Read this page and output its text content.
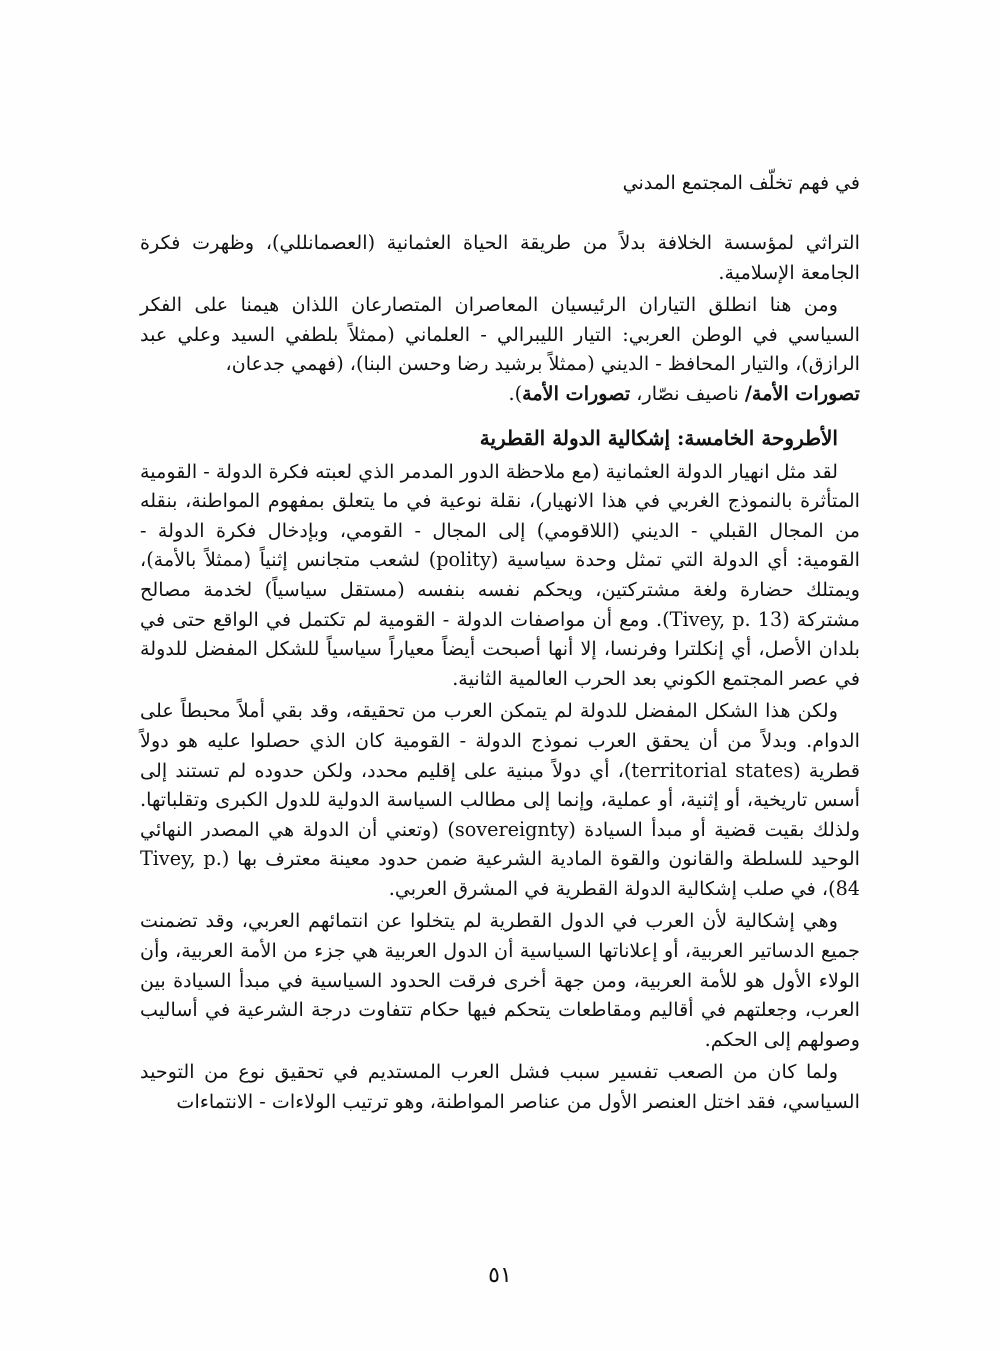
في فهم تخلّف المجتمع المدني

التراثي لمؤسسة الخلافة بدلاً من طريقة الحياة العثمانية (العصمانللي)، وظهرت فكرة الجامعة الإسلامية.

ومن هنا انطلق التياران الرئيسيان المعاصران المتصارعان اللذان هيمنا على الفكر السياسي في الوطن العربي: التيار الليبرالي - العلماني (ممثلاً بلطفي السيد وعلي عبد الرازق)، والتيار المحافظ - الديني (ممثلاً برشيد رضا وحسن البنا)، (فهمي جدعان،
تصورات الأمة/ ناصيف نصّار، تصورات الأمة).

الأطروحة الخامسة: إشكالية الدولة القطرية

لقد مثل انهيار الدولة العثمانية (مع ملاحظة الدور المدمر الذي لعبته فكرة الدولة - القومية المتأثرة بالنموذج الغربي في هذا الانهيار)، نقلة نوعية في ما يتعلق بمفهوم المواطنة، بنقله من المجال القبلي - الديني (اللاقومي) إلى المجال - القومي، وبإدخال فكرة الدولة - القومية: أي الدولة التي تمثل وحدة سياسية (polity) لشعب متجانس إثنياً (ممثلاً بالأمة)، ويمتلك حضارة ولغة مشتركتين، ويحكم نفسه بنفسه (مستقل سياسياً) لخدمة مصالح مشتركة (Tivey, p. 13). ومع أن مواصفات الدولة - القومية لم تكتمل في الواقع حتى في بلدان الأصل، أي إنكلترا وفرنسا، إلا أنها أصبحت أيضاً معياراً سياسياً للشكل المفضل للدولة في عصر المجتمع الكوني بعد الحرب العالمية الثانية.

ولكن هذا الشكل المفضل للدولة لم يتمكن العرب من تحقيقه، وقد بقي أملاً محبطاً على الدوام. وبدلاً من أن يحقق العرب نموذج الدولة - القومية كان الذي حصلوا عليه هو دولاً قطرية (territorial states)، أي دولاً مبنية على إقليم محدد، ولكن حدوده لم تستند إلى أسس تاريخية، أو إثنية، أو عملية، وإنما إلى مطالب السياسة الدولية للدول الكبرى وتقلباتها. ولذلك بقيت قضية أو مبدأ السيادة (sovereignty) (وتعني أن الدولة هي المصدر النهائي الوحيد للسلطة والقانون والقوة المادية الشرعية ضمن حدود معينة معترف بها (Tivey, p. 84)، في صلب إشكالية الدولة القطرية في المشرق العربي.

وهي إشكالية لأن العرب في الدول القطرية لم يتخلوا عن انتمائهم العربي، وقد تضمنت جميع الدساتير العربية، أو إعلاناتها السياسية أن الدول العربية هي جزء من الأمة العربية، وأن الولاء الأول هو للأمة العربية، ومن جهة أخرى فرقت الحدود السياسية في مبدأ السيادة بين العرب، وجعلتهم في أقاليم ومقاطعات يتحكم فيها حكام تتفاوت درجة الشرعية في أساليب وصولهم إلى الحكم.

ولما كان من الصعب تفسير سبب فشل العرب المستديم في تحقيق نوع من التوحيد السياسي، فقد اختل العنصر الأول من عناصر المواطنة، وهو ترتيب الولاءات - الانتماءات

٥١
